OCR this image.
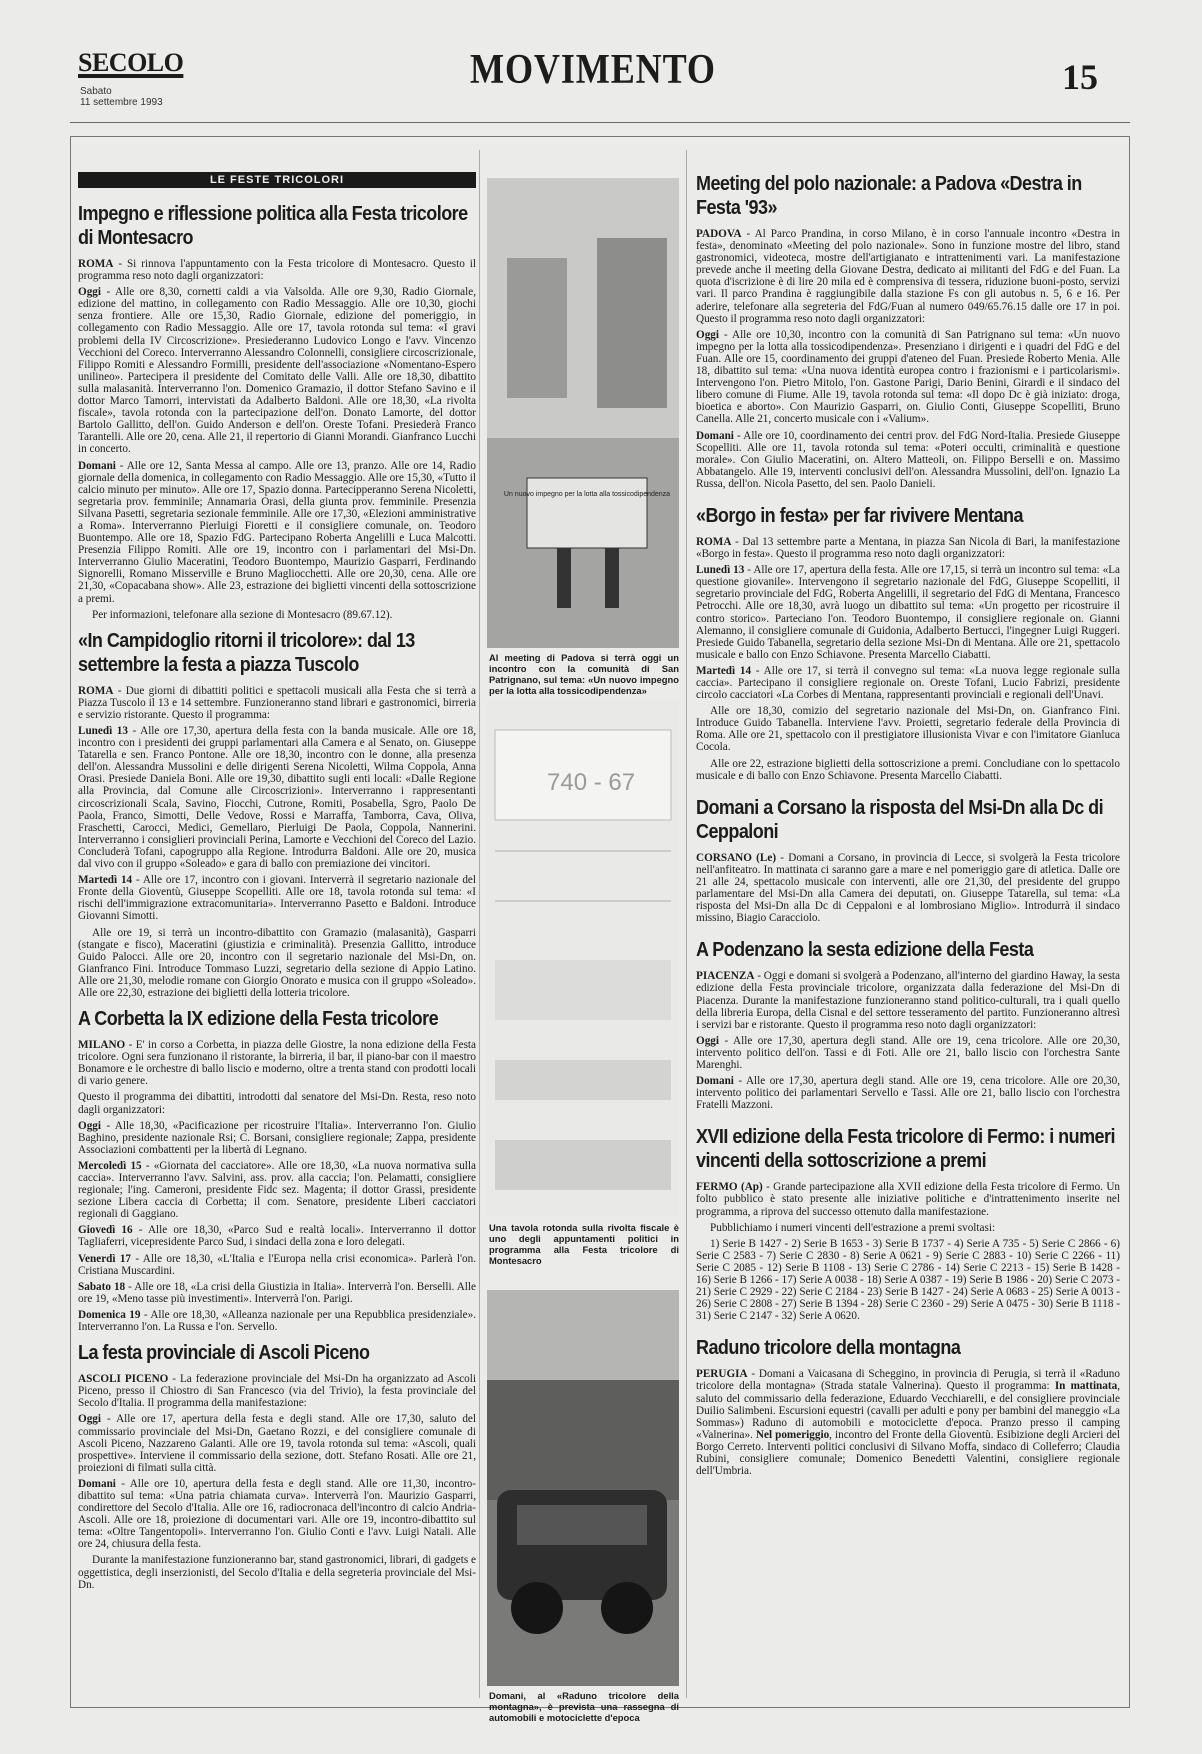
SECOLO
Sabato
11 settembre 1993
MOVIMENTO	15
LE FESTE TRICOLORI
Impegno e riflessione politica alla Festa tricolore di Montesacro

ROMA - Si rinnova l'appuntamento con la Festa tricolore di Montesacro. Questo il programma reso noto dagli organizzatori:

Oggi - Alle ore 8,30, cornetti caldi a via Valsolda. Alle ore 9,30, Radio Giornale, edizione del mattino, in collegamento con Radio Messaggio. Alle ore 10,30, giochi senza frontiere. Alle ore 15,30, Radio Giornale, edizione del pomeriggio, in collegamento con Radio Messaggio. Alle ore 17, tavola rotonda sul tema: «I gravi problemi della IV Circoscrizione». Presiederanno Ludovico Longo e l'avv. Vincenzo Vecchioni del Coreco. Interverranno Alessandro Colonnelli, consigliere circoscrizionale, Filippo Romiti e Alessandro Formilli, presidente dell'associazione «Nomentano-Espero unilineo». Partecipera il presidente del Comitato delle Valli. Alle ore 18,30, dibattito sulla malasanità. Interverranno l'on. Domenico Gramazio, il dottor Stefano Savino e il dottor Marco Tamorri, intervistati da Adalberto Baldoni. Alle ore 18,30, «La rivolta fiscale», tavola rotonda con la partecipazione dell'on. Donato Lamorte, del dottor Bartolo Gallitto, dell'on. Guido Anderson e dell'on. Oreste Tofani. Presiederà Franco Tarantelli. Alle ore 20, cena. Alle 21, il repertorio di Gianni Morandi. Gianfranco Lucchi in concerto.

Domani - Alle ore 12, Santa Messa al campo. Alle ore 13, pranzo. Alle ore 14, Radio giornale della domenica, in collegamento con Radio Messaggio. Alle ore 15,30, «Tutto il calcio minuto per minuto». Alle ore 17, Spazio donna. Partecipperanno Serena Nicoletti, segretaria prov. femminile; Annamaria Orasi, della giunta prov. femminile. Presenzia Silvana Pasetti, segretaria sezionale femminile. Alle ore 17,30, «Elezioni amministrative a Roma». Interverranno Pierluigi Fioretti e il consigliere comunale, on. Teodoro Buontempo. Alle ore 18, Spazio FdG. Partecipano Roberta Angelilli e Luca Malcotti. Presenzia Filippo Romiti. Alle ore 19, incontro con i parlamentari del Msi-Dn. Interverranno Giulio Maceratini, Teodoro Buontempo, Maurizio Gasparri, Ferdinando Signorelli, Romano Misserville e Bruno Magliocchetti. Alle ore 20,30, cena. Alle ore 21,30, «Copacabana show». Alle 23, estrazione dei biglietti vincenti della sottoscrizione a premi.

Per informazioni, telefonare alla sezione di Montesacro (89.67.12).

«In Campidoglio ritorni il tricolore»: dal 13 settembre la festa a piazza Tuscolo

ROMA - Due giorni di dibattiti politici e spettacoli musicali alla Festa che si terrà a Piazza Tuscolo il 13 e 14 settembre. Funzioneranno stand librari e gastronomici, birreria e servizio ristorante. Questo il programma:

Lunedì 13 - Alle ore 17,30, apertura della festa con la banda musicale. Alle ore 18, incontro con i presidenti dei gruppi parlamentari alla Camera e al Senato, on. Giuseppe Tatarella e sen. Franco Pontone. Alle ore 18,30, incontro con le donne, alla presenza dell'on. Alessandra Mussolini e delle dirigenti Serena Nicoletti, Wilma Coppola, Anna Orasi. Presiede Daniela Boni. Alle ore 19,30, dibattito sugli enti locali: «Dalle Regione alla Provincia, dal Comune alle Circoscrizioni». Interverranno i rappresentanti circoscrizionali Scala, Savino, Fiocchi, Cutrone, Romiti, Posabella, Sgro, Paolo De Paola, Franco, Simotti, Delle Vedove, Rossi e Marraffa, Tamborra, Cava, Oliva, Fraschetti, Carocci, Medici, Gemellaro, Pierluigi De Paola, Coppola, Nannerini. Interverranno i consiglieri provinciali Perina, Lamorte e Vecchioni del Coreco del Lazio. Concluderà Tofani, capogruppo alla Regione. Introdurra Baldoni. Alle ore 20, musica dal vivo con il gruppo «Soleado» e gara di ballo con premiazione dei vincitori.

Martedì 14 - Alle ore 17, incontro con i giovani. Interverrà il segretario nazionale del Fronte della Gioventù, Giuseppe Scopelliti. Alle ore 18, tavola rotonda sul tema: «I rischi dell'immigrazione extracomunitaria». Interverranno Pasetto e Baldoni. Introduce Giovanni Simotti.

Alle ore 19, si terrà un incontro-dibattito con Gramazio (malasanità), Gasparri (stangate e fisco), Maceratini (giustizia e criminalità). Presenzia Gallitto, introduce Guido Palocci. Alle ore 20, incontro con il segretario nazionale del Msi-Dn, on. Gianfranco Fini. Introduce Tommaso Luzzi, segretario della sezione di Appio Latino. Alle ore 21,30, melodie romane con Giorgio Onorato e musica con il gruppo «Soleado». Alle ore 22,30, estrazione dei biglietti della lotteria tricolore.

A Corbetta la IX edizione della Festa tricolore

MILANO - E' in corso a Corbetta, in piazza delle Giostre, la nona edizione della Festa tricolore. Ogni sera funzionano il ristorante, la birreria, il bar, il piano-bar con il maestro Bonamore e le orchestre di ballo liscio e moderno, oltre a trenta stand con prodotti locali di vario genere.

Questo il programma dei dibattiti, introdotti dal senatore del Msi-Dn. Resta, reso noto dagli organizzatori:

Oggi - Alle 18,30, «Pacificazione per ricostruire l'Italia». Interverranno l'on. Giulio Baghino, presidente nazionale Rsi; C. Borsani, consigliere regionale; Zappa, presidente Associazioni combattenti per la libertà di Legnano.

Mercoledì 15 - «Giornata del cacciatore». Alle ore 18,30, «La nuova normativa sulla caccia». Interverranno l'avv. Salvini, ass. prov. alla caccia; l'on. Pelamatti, consigliere regionale; l'ing. Cameroni, presidente Fidc sez. Magenta; il dottor Grassi, presidente sezione Libera caccia di Corbetta; il com. Senatore, presidente Liberi cacciatori regionali di Gaggiano.

Giovedì 16 - Alle ore 18,30, «Parco Sud e realtà locali». Interverranno il dottor Tagliaferri, vicepresidente Parco Sud, i sindaci della zona e loro delegati.

Venerdì 17 - Alle ore 18,30, «L'Italia e l'Europa nella crisi economica». Parlerà l'on. Cristiana Muscardini.

Sabato 18 - Alle ore 18, «La crisi della Giustizia in Italia». Interverrà l'on. Berselli. Alle ore 19, «Meno tasse più investimenti». Interverrà l'on. Parigi.

Domenica 19 - Alle ore 18,30, «Alleanza nazionale per una Repubblica presidenziale». Interverranno l'on. La Russa e l'on. Servello.

La festa provinciale di Ascoli Piceno

ASCOLI PICENO - La federazione provinciale del Msi-Dn ha organizzato ad Ascoli Piceno, presso il Chiostro di San Francesco (via del Trivio), la festa provinciale del Secolo d'Italia. Il programma della manifestazione:

Oggi - Alle ore 17, apertura della festa e degli stand. Alle ore 17,30, saluto del commissario provinciale del Msi-Dn, Gaetano Rozzi, e del consigliere comunale di Ascoli Piceno, Nazzareno Galanti. Alle ore 19, tavola rotonda sul tema: «Ascoli, quali prospettive». Interviene il commissario della sezione, dott. Stefano Rosati. Alle ore 21, proiezioni di filmati sulla città.

Domani - Alle ore 10, apertura della festa e degli stand. Alle ore 11,30, incontro-dibattito sul tema: «Una patria chiamata curva». Interverrà l'on. Maurizio Gasparri, condirettore del Secolo d'Italia. Alle ore 16, radiocronaca dell'incontro di calcio Andria-Ascoli. Alle ore 18, proiezione di documentari vari. Alle ore 19, incontro-dibattito sul tema: «Oltre Tangentopoli». Interverranno l'on. Giulio Conti e l'avv. Luigi Natali. Alle ore 24, chiusura della festa.

Durante la manifestazione funzioneranno bar, stand gastronomici, librari, di gadgets e oggettistica, degli inserzionisti, del Secolo d'Italia e della segreteria provinciale del Msi-Dn.

Un nuovo impegno per la lotta alla tossicodipendenza
Al meeting di Padova si terrà oggi un incontro con la comunità di San Patrignano, sul tema: «Un nuovo impegno per la lotta alla tossicodipendenza»
740 - 67
Una tavola rotonda sulla rivolta fiscale è uno degli appuntamenti politici in programma alla Festa tricolore di Montesacro
Domani, al «Raduno tricolore della montagna», è prevista una rassegna di automobili e motociclette d'epoca
Meeting del polo nazionale: a Padova «Destra in Festa '93»

PADOVA - Al Parco Prandina, in corso Milano, è in corso l'annuale incontro «Destra in festa», denominato «Meeting del polo nazionale». Sono in funzione mostre del libro, stand gastronomici, videoteca, mostre dell'artigianato e intrattenimenti vari. La manifestazione prevede anche il meeting della Giovane Destra, dedicato ai militanti del FdG e del Fuan. La quota d'iscrizione è di lire 20 mila ed è comprensiva di tessera, riduzione buoni-posto, servizi vari. Il parco Prandina è raggiungibile dalla stazione Fs con gli autobus n. 5, 6 e 16. Per aderire, telefonare alla segreteria del FdG/Fuan al numero 049/65.76.15 dalle ore 17 in poi. Questo il programma reso noto dagli organizzatori:

Oggi - Alle ore 10,30, incontro con la comunità di San Patrignano sul tema: «Un nuovo impegno per la lotta alla tossicodipendenza». Presenziano i dirigenti e i quadri del FdG e del Fuan. Alle ore 15, coordinamento dei gruppi d'ateneo del Fuan. Presiede Roberto Menia. Alle 18, dibattito sul tema: «Una nuova identità europea contro i frazionismi e i particolarismi». Intervengono l'on. Pietro Mitolo, l'on. Gastone Parigi, Dario Benini, Girardi e il sindaco del libero comune di Fiume. Alle 19, tavola rotonda sul tema: «Il dopo Dc è già iniziato: droga, bioetica e aborto». Con Maurizio Gasparri, on. Giulio Conti, Giuseppe Scopelliti, Bruno Canella. Alle 21, concerto musicale con i «Valium».

Domani - Alle ore 10, coordinamento dei centri prov. del FdG Nord-Italia. Presiede Giuseppe Scopelliti. Alle ore 11, tavola rotonda sul tema: «Poteri occulti, criminalità e questione morale». Con Giulio Maceratini, on. Altero Matteoli, on. Filippo Berselli e on. Massimo Abbatangelo. Alle 19, interventi conclusivi dell'on. Alessandra Mussolini, dell'on. Ignazio La Russa, dell'on. Nicola Pasetto, del sen. Paolo Danieli.

«Borgo in festa» per far rivivere Mentana

ROMA - Dal 13 settembre parte a Mentana, in piazza San Nicola di Bari, la manifestazione «Borgo in festa». Questo il programma reso noto dagli organizzatori:

Lunedì 13 - Alle ore 17, apertura della festa. Alle ore 17,15, si terrà un incontro sul tema: «La questione giovanile». Intervengono il segretario nazionale del FdG, Giuseppe Scopelliti, il segretario provinciale del FdG, Roberta Angelilli, il segretario del FdG di Mentana, Francesco Petrocchi. Alle ore 18,30, avrà luogo un dibattito sul tema: «Un progetto per ricostruire il contro storico». Parteciano l'on. Teodoro Buontempo, il consigliere regionale on. Gianni Alemanno, il consigliere comunale di Guidonia, Adalberto Bertucci, l'ingegner Luigi Ruggeri. Presiede Guido Tabanella, segretario della sezione Msi-Dn di Mentana. Alle ore 21, spettacolo musicale e ballo con Enzo Schiavone. Presenta Marcello Ciabatti.

Martedì 14 - Alle ore 17, si terrà il convegno sul tema: «La nuova legge regionale sulla caccia». Partecipano il consigliere regionale on. Oreste Tofani, Lucio Fabrizi, presidente circolo cacciatori «La Corbes di Mentana, rappresentanti provinciali e regionali dell'Unavi.

Alle ore 18,30, comizio del segretario nazionale del Msi-Dn, on. Gianfranco Fini. Introduce Guido Tabanella. Interviene l'avv. Proietti, segretario federale della Provincia di Roma. Alle ore 21, spettacolo con il prestigiatore illusionista Vivar e con l'imitatore Gianluca Cocola.

Alle ore 22, estrazione biglietti della sottoscrizione a premi. Concludiane con lo spettacolo musicale e di ballo con Enzo Schiavone. Presenta Marcello Ciabatti.

Domani a Corsano la risposta del Msi-Dn alla Dc di Ceppaloni

CORSANO (Le) - Domani a Corsano, in provincia di Lecce, si svolgerà la Festa tricolore nell'anfiteatro. In mattinata ci saranno gare a mare e nel pomeriggio gare di atletica. Dalle ore 21 alle 24, spettacolo musicale con interventi, alle ore 21,30, del presidente del gruppo parlamentare del Msi-Dn alla Camera dei deputati, on. Giuseppe Tatarella, sul tema: «La risposta del Msi-Dn alla Dc di Ceppaloni e al lombrosiano Miglio». Introdurrà il sindaco missino, Biagio Caracciolo.

A Podenzano la sesta edizione della Festa

PIACENZA - Oggi e domani si svolgerà a Podenzano, all'interno del giardino Haway, la sesta edizione della Festa provinciale tricolore, organizzata dalla federazione del Msi-Dn di Piacenza. Durante la manifestazione funzioneranno stand politico-culturali, tra i quali quello della libreria Europa, della Cisnal e del settore tesseramento del partito. Funzioneranno altresì i servizi bar e ristorante. Questo il programma reso noto dagli organizzatori:

Oggi - Alle ore 17,30, apertura degli stand. Alle ore 19, cena tricolore. Alle ore 20,30, intervento politico dell'on. Tassi e di Foti. Alle ore 21, ballo liscio con l'orchestra Sante Marenghi.

Domani - Alle ore 17,30, apertura degli stand. Alle ore 19, cena tricolore. Alle ore 20,30, intervento politico dei parlamentari Servello e Tassi. Alle ore 21, ballo liscio con l'orchestra Fratelli Mazzoni.

XVII edizione della Festa tricolore di Fermo: i numeri vincenti della sottoscrizione a premi

FERMO (Ap) - Grande partecipazione alla XVII edizione della Festa tricolore di Fermo. Un folto pubblico è stato presente alle iniziative politiche e d'intrattenimento inserite nel programma, a riprova del successo ottenuto dalla manifestazione.

Pubblichiamo i numeri vincenti dell'estrazione a premi svoltasi:

1) Serie B 1427 - 2) Serie B 1653 - 3) Serie B 1737 - 4) Serie A 735 - 5) Serie C 2866 - 6) Serie C 2583 - 7) Serie C 2830 - 8) Serie A 0621 - 9) Serie C 2883 - 10) Serie C 2266 - 11) Serie C 2085 - 12) Serie B 1108 - 13) Serie C 2786 - 14) Serie C 2213 - 15) Serie B 1428 - 16) Serie B 1266 - 17) Serie A 0038 - 18) Serie A 0387 - 19) Serie B 1986 - 20) Serie C 2073 - 21) Serie C 2929 - 22) Serie C 2184 - 23) Serie B 1427 - 24) Serie A 0683 - 25) Serie A 0013 - 26) Serie C 2808 - 27) Serie B 1394 - 28) Serie C 2360 - 29) Serie A 0475 - 30) Serie B 1118 - 31) Serie C 2147 - 32) Serie A 0620.

Raduno tricolore della montagna

PERUGIA - Domani a Vaicasana di Scheggino, in provincia di Perugia, si terrà il «Raduno tricolore della montagna» (Strada statale Valnerina). Questo il programma: In mattinata, saluto del commissario della federazione, Eduardo Vecchiarelli, e del consigliere provinciale Duilio Salimbeni. Escursioni equestri (cavalli per adulti e pony per bambini del maneggio «La Sommas») Raduno di automobili e motociclette d'epoca. Pranzo presso il camping «Valnerina». Nel pomeriggio, incontro del Fronte della Gioventù. Esibizione degli Arcieri del Borgo Cerreto. Interventi politici conclusivi di Silvano Moffa, sindaco di Colleferro; Claudia Rubini, consigliere comunale; Domenico Benedetti Valentini, consigliere regionale dell'Umbria.
